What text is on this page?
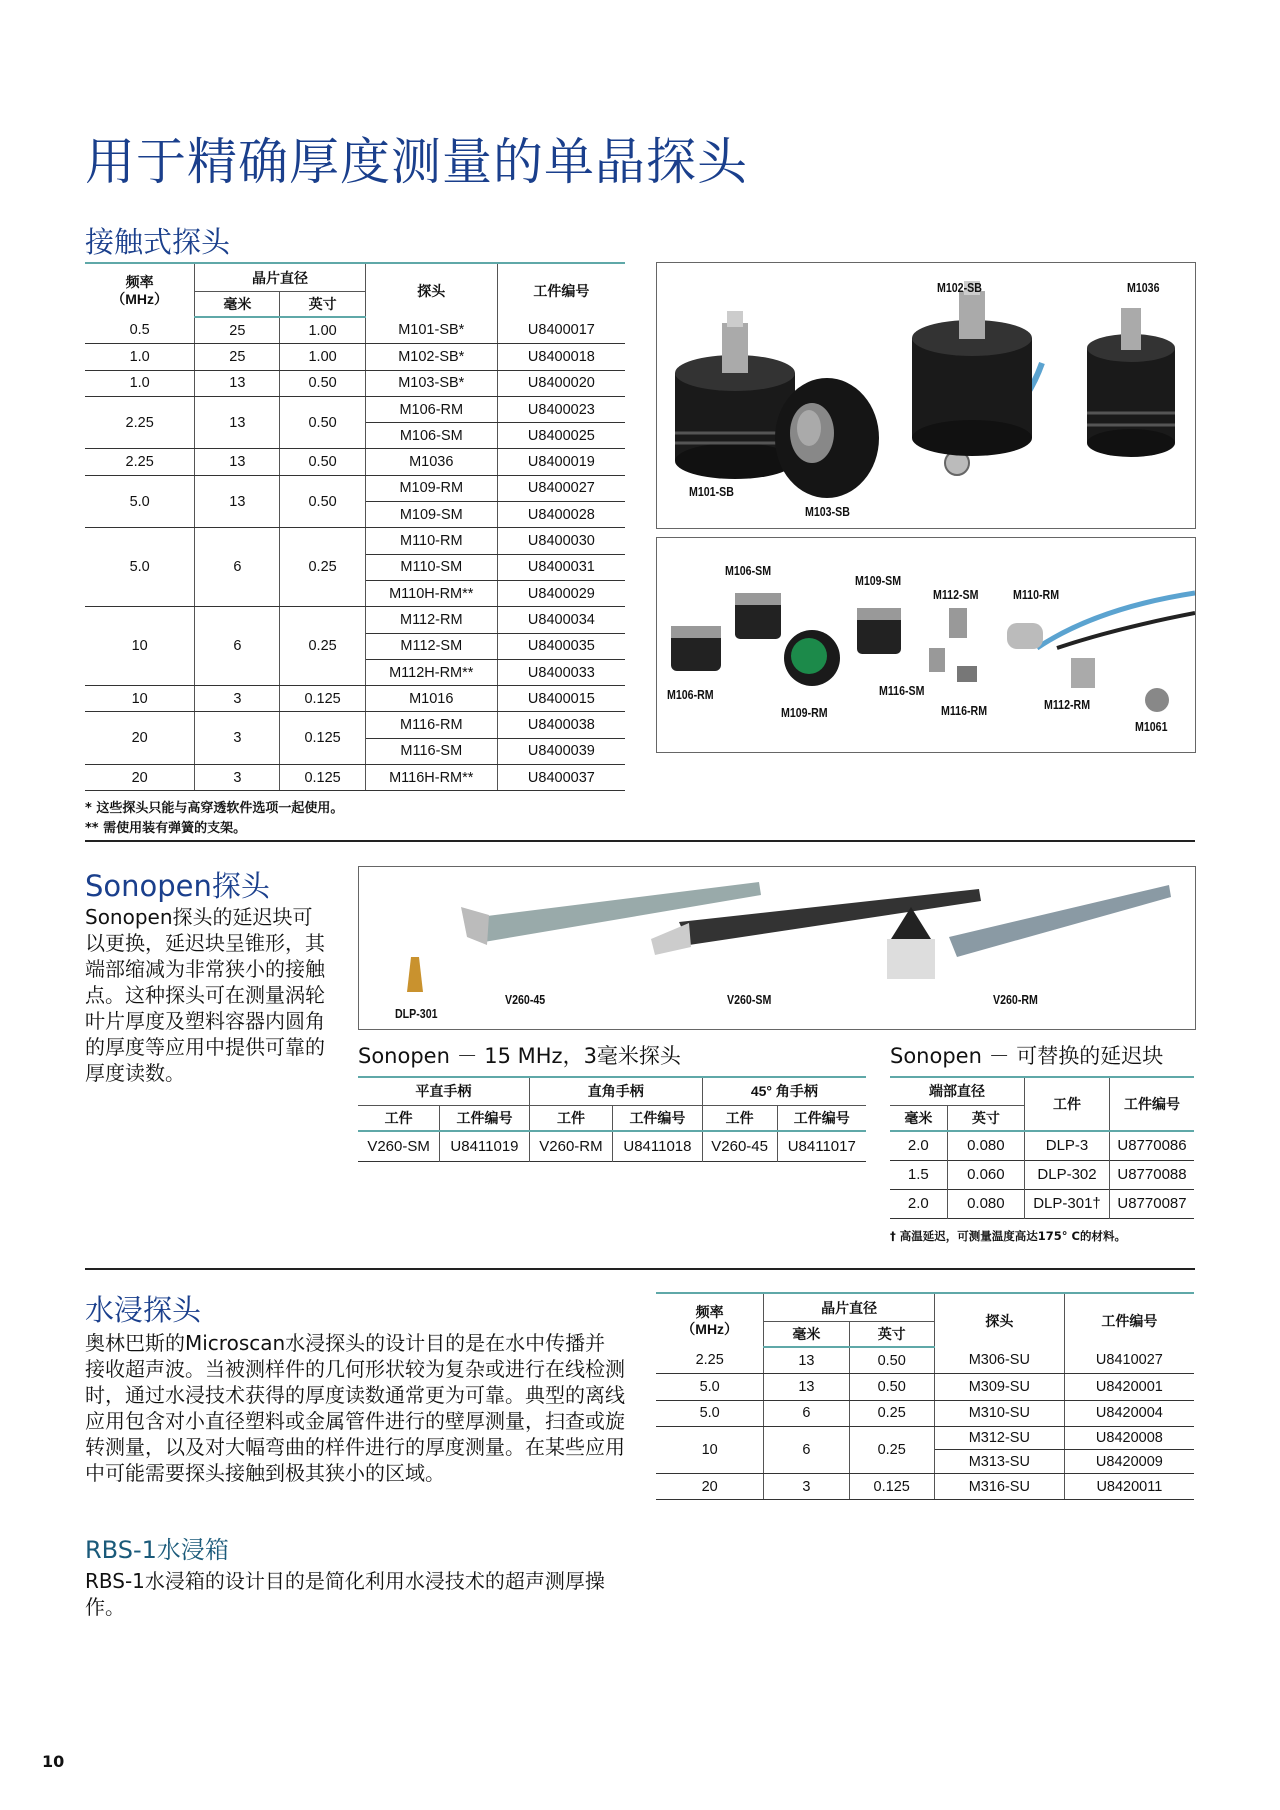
用于精确厚度测量的单晶探头
接触式探头
频率
（MHz）	晶片直径		探头	工件编号
	毫米	英寸		
0.5	25	1.00	M101-SB*	U8400017
1.0	25	1.00	M102-SB*	U8400018
1.0	13	0.50	M103-SB*	U8400020
2.25	13	0.50	M106-RM	U8400023
			M106-SM	U8400025
2.25	13	0.50	M1036	U8400019
5.0	13	0.50	M109-RM	U8400027
			M109-SM	U8400028
5.0	6	0.25	M110-RM	U8400030
			M110-SM	U8400031
			M110H-RM**	U8400029
10	6	0.25	M112-RM	U8400034
			M112-SM	U8400035
			M112H-RM**	U8400033
10	3	0.125	M1016	U8400015
20	3	0.125	M116-RM	U8400038
			M116-SM	U8400039
20	3	0.125	M116H-RM**	U8400037
* 这些探头只能与高穿透软件选项一起使用。
** 需使用装有弹簧的支架。
M102-SB	M1036
M101-SB
M103-SB
M106-SM
M109-SM
M112-SM	M110-RM
M106-RM
M109-RM
M116-SM
M116-RM	M112-RM
M1061
Sonopen探头

Sonopen探头的延迟块可以更换，延迟块呈锥形，其端部缩减为非常狭小的接触点。这种探头可在测量涡轮叶片厚度及塑料容器内圆角的厚度等应用中提供可靠的厚度读数。

DLP-301
V260-45	V260-SM	V260-RM
Sonopen － 15 MHz，3毫米探头	Sonopen － 可替换的延迟块
平直手柄		直角手柄		45° 角手柄	
工件	工件编号	工件	工件编号	工件	工件编号
V260-SM	U8411019	V260-RM	U8411018	V260-45	U8411017
端部直径		工件	工件编号
毫米	英寸		
2.0	0.080	DLP-3	U8770086
1.5	0.060	DLP-302	U8770088
2.0	0.080	DLP-301†	U8770087
† 高温延迟，可测量温度高达175° C的材料。
水浸探头

奥林巴斯的Microscan水浸探头的设计目的是在水中传播并接收超声波。当被测样件的几何形状较为复杂或进行在线检测时，通过水浸技术获得的厚度读数通常更为可靠。典型的离线应用包含对小直径塑料或金属管件进行的壁厚测量，扫查或旋转测量，以及对大幅弯曲的样件进行的厚度测量。在某些应用中可能需要探头接触到极其狭小的区域。

RBS-1水浸箱

RBS-1水浸箱的设计目的是简化利用水浸技术的超声测厚操作。

频率
（MHz）	晶片直径		探头	工件编号
	毫米	英寸		
2.25	13	0.50	M306-SU	U8410027
5.0	13	0.50	M309-SU	U8420001
5.0	6	0.25	M310-SU	U8420004
10	6	0.25	M312-SU	U8420008
			M313-SU	U8420009
20	3	0.125	M316-SU	U8420011
10
